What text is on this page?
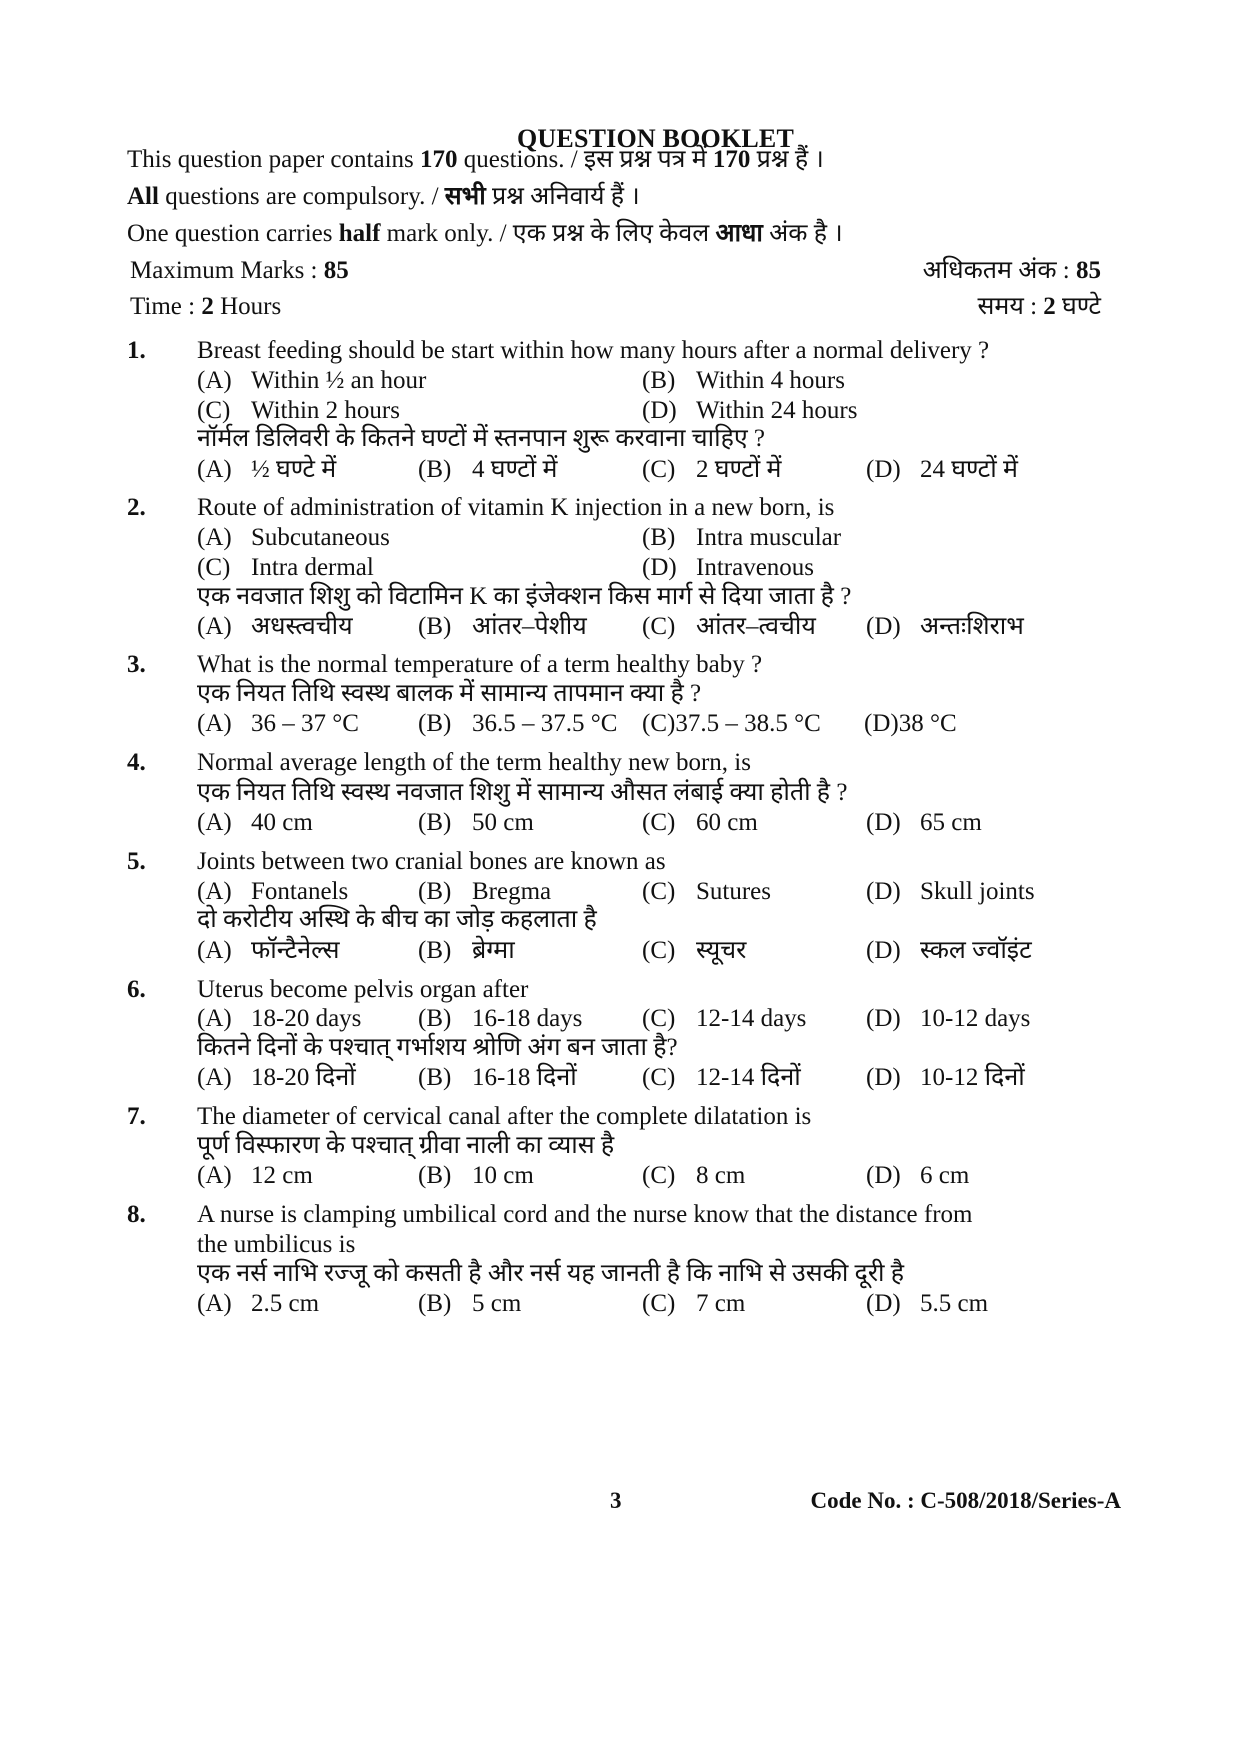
QUESTION BOOKLET
This question paper contains 170 questions. / इस प्रश्न पत्र में 170 प्रश्न हैं ।
All questions are compulsory. / सभी प्रश्न अनिवार्य हैं ।
One question carries half mark only. / एक प्रश्न के लिए केवल आधा अंक है ।
Maximum Marks : 85	अधिकतम अंक : 85
Time : 2 Hours	समय : 2 घण्टे
1. Breast feeding should be start within how many hours after a normal delivery ?
(A) Within ½ an hour	(B) Within 4 hours
(C) Within 2 hours	(D) Within 24 hours
नॉर्मल डिलिवरी के कितने घण्टों में स्तनपान शुरू करवाना चाहिए ?
(A) ½ घण्टे में	(B) 4 घण्टों में	(C) 2 घण्टों में	(D) 24 घण्टों में
2. Route of administration of vitamin K injection in a new born, is
(A) Subcutaneous	(B) Intra muscular
(C) Intra dermal	(D) Intravenous
एक नवजात शिशु को विटामिन K का इंजेक्शन किस मार्ग से दिया जाता है ?
(A) अधस्त्वचीय	(B) आंतर–पेशीय (C) आंतर–त्वचीय (D) अन्तःशिराभ
3. What is the normal temperature of a term healthy baby ?
एक नियत तिथि स्वस्थ बालक में सामान्य तापमान क्या है ?
(A) 36 – 37 °C (B) 36.5 – 37.5 °C (C)37.5 – 38.5 °C (D)38 °C
4. Normal average length of the term healthy new born, is
एक नियत तिथि स्वस्थ नवजात शिशु में सामान्य औसत लंबाई क्या होती है ?
(A) 40 cm	(B) 50 cm	(C) 60 cm	(D) 65 cm
5. Joints between two cranial bones are known as
(A) Fontanels	(B) Bregma	(C) Sutures	(D) Skull joints
दो करोटीय अस्थि के बीच का जोड़ कहलाता है
(A) फॉन्टैनेल्स	(B) ब्रेग्मा	(C) स्यूचर	(D) स्कल ज्वॉइंट
6. Uterus become pelvis organ after
(A) 18-20 days (B) 16-18 days (C) 12-14 days (D) 10-12 days
कितने दिनों के पश्चात् गर्भाशय श्रोणि अंग बन जाता है?
(A) 18-20 दिनों (B) 16-18 दिनों	(C) 12-14 दिनों	(D) 10-12 दिनों
7. The diameter of cervical canal after the complete dilatation is
पूर्ण विस्फारण के पश्चात् ग्रीवा नाली का व्यास है
(A) 12 cm	(B) 10 cm	(C) 8 cm	(D) 6 cm
8. A nurse is clamping umbilical cord and the nurse know that the distance from
the umbilicus is
एक नर्स नाभि रज्जू को कसती है और नर्स यह जानती है कि नाभि से उसकी दूरी है
(A) 2.5 cm	(B) 5 cm	(C) 7 cm	(D) 5.5 cm
3	Code No. : C-508/2018/Series-A
